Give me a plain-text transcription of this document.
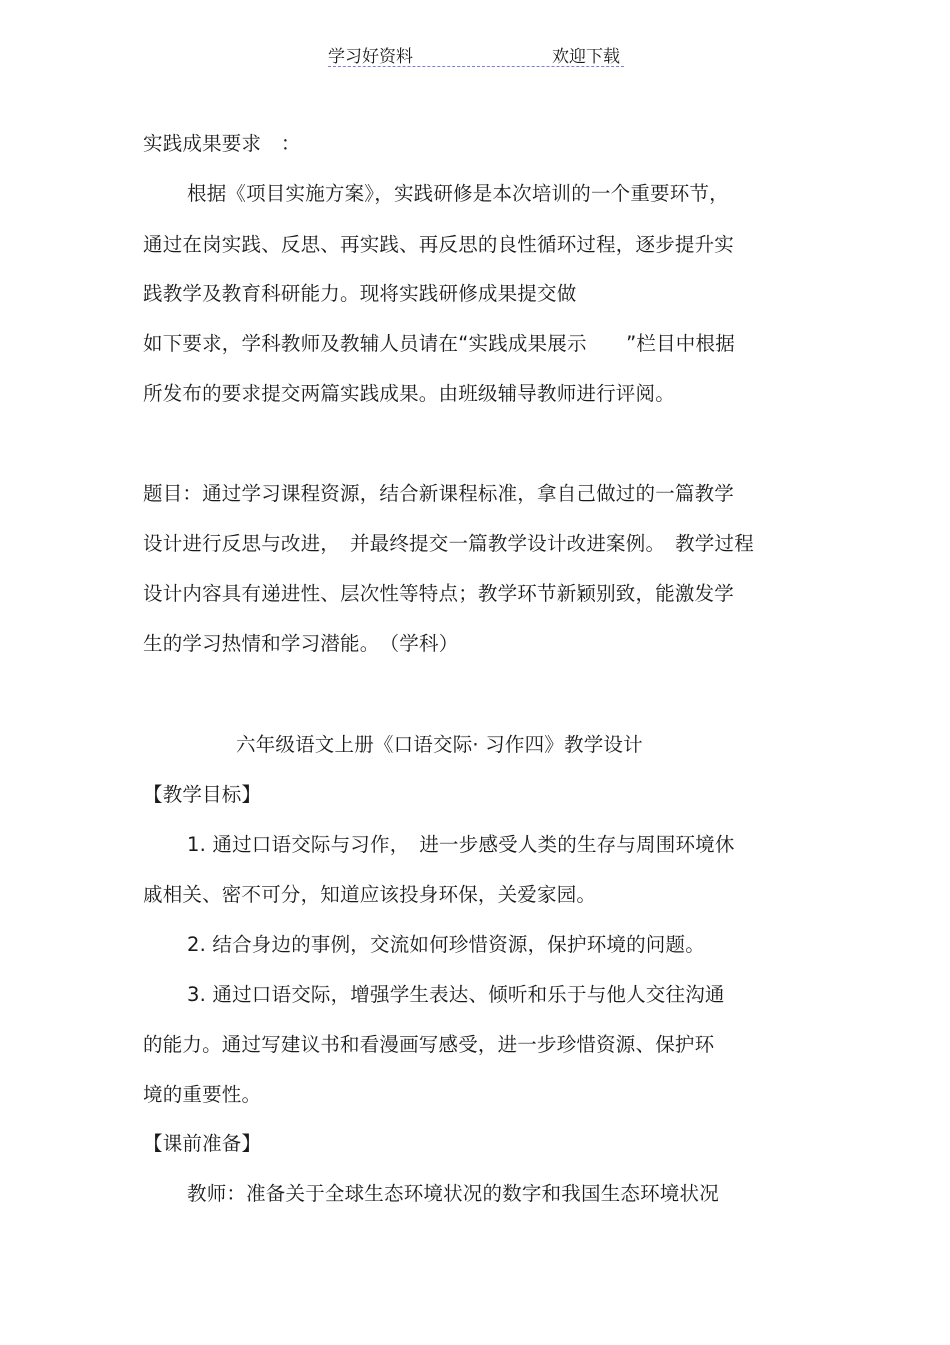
学习好资料	欢迎下载
实践成果要求　：
根据《项目实施方案》，实践研修是本次培训的一个重要环节，
通过在岗实践、反思、再实践、再反思的良性循环过程，逐步提升实
践教学及教育科研能力。现将实践研修成果提交做
如下要求，学科教师及教辅人员请在“实践成果展示　　”栏目中根据
所发布的要求提交两篇实践成果。由班级辅导教师进行评阅。
题目：通过学习课程资源，结合新课程标准，拿自己做过的一篇教学
设计进行反思与改进，　并最终提交一篇教学设计改进案例。　教学过程
设计内容具有递进性、层次性等特点；教学环节新颖别致，能激发学
生的学习热情和学习潜能。　（学科）
六年级语文上册《口语交际· 习作四》教学设计
【教学目标】
1. 通过口语交际与习作，　进一步感受人类的生存与周围环境休
戚相关、密不可分，知道应该投身环保，关爱家园。
2. 结合身边的事例，交流如何珍惜资源，保护环境的问题。
3. 通过口语交际，增强学生表达、倾听和乐于与他人交往沟通
的能力。通过写建议书和看漫画写感受，进一步珍惜资源、保护环
境的重要性。
【课前准备】
教师：准备关于全球生态环境状况的数字和我国生态环境状况
